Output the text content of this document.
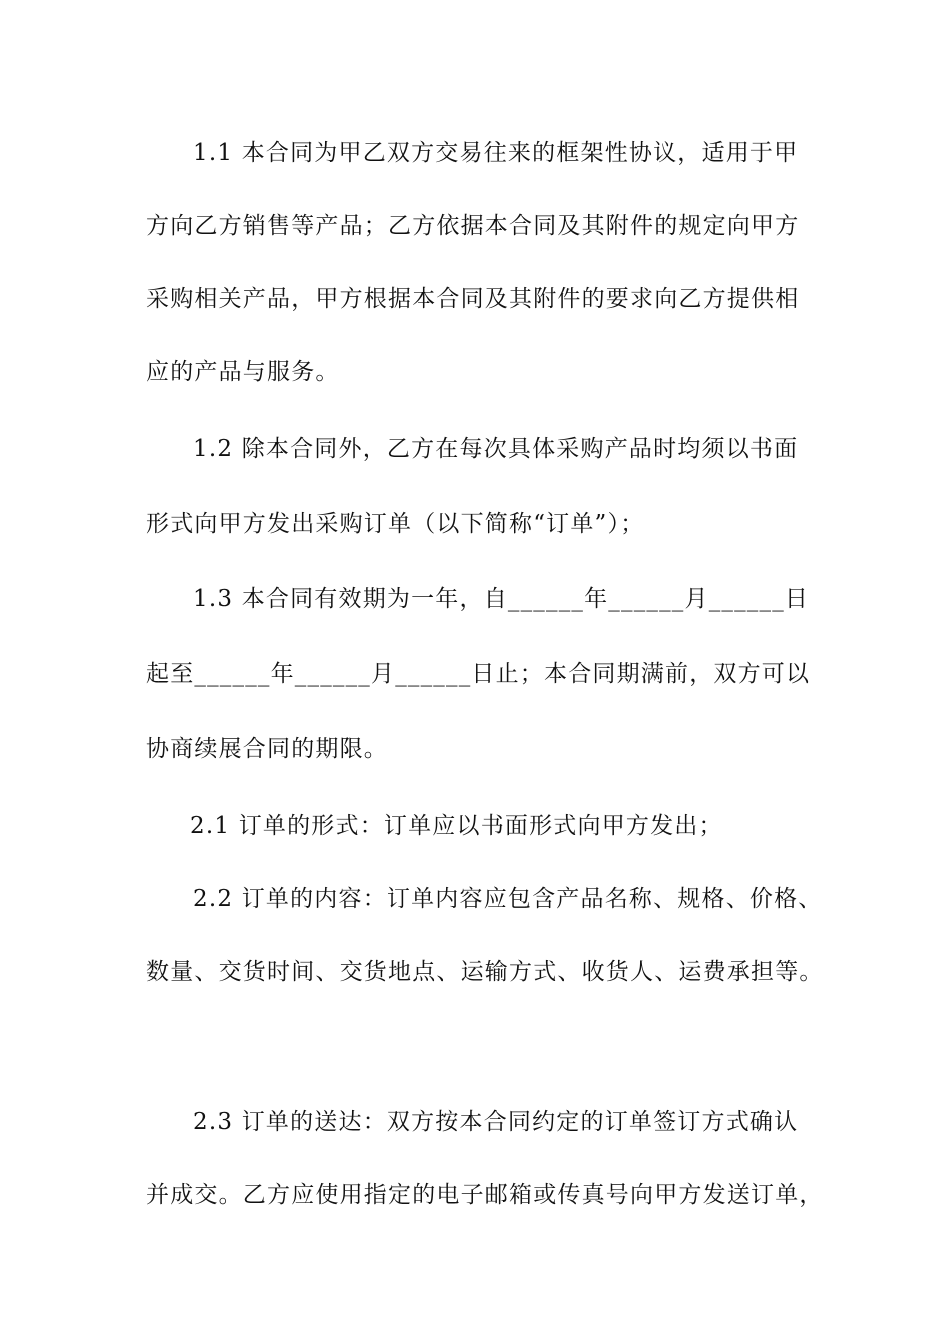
1.1 本合同为甲乙双方交易往来的框架性协议，适用于甲
方向乙方销售等产品；乙方依据本合同及其附件的规定向甲方
采购相关产品，甲方根据本合同及其附件的要求向乙方提供相
应的产品与服务。
1.2 除本合同外，乙方在每次具体采购产品时均须以书面
形式向甲方发出采购订单（以下简称“订单”）；
1.3 本合同有效期为一年，自______年______月______日
起至______年______月______日止；本合同期满前，双方可以
协商续展合同的期限。
2.1 订单的形式：订单应以书面形式向甲方发出；
2.2 订单的内容：订单内容应包含产品名称、规格、价格、
数量、交货时间、交货地点、运输方式、收货人、运费承担等。
2.3 订单的送达：双方按本合同约定的订单签订方式确认
并成交。乙方应使用指定的电子邮箱或传真号向甲方发送订单，
